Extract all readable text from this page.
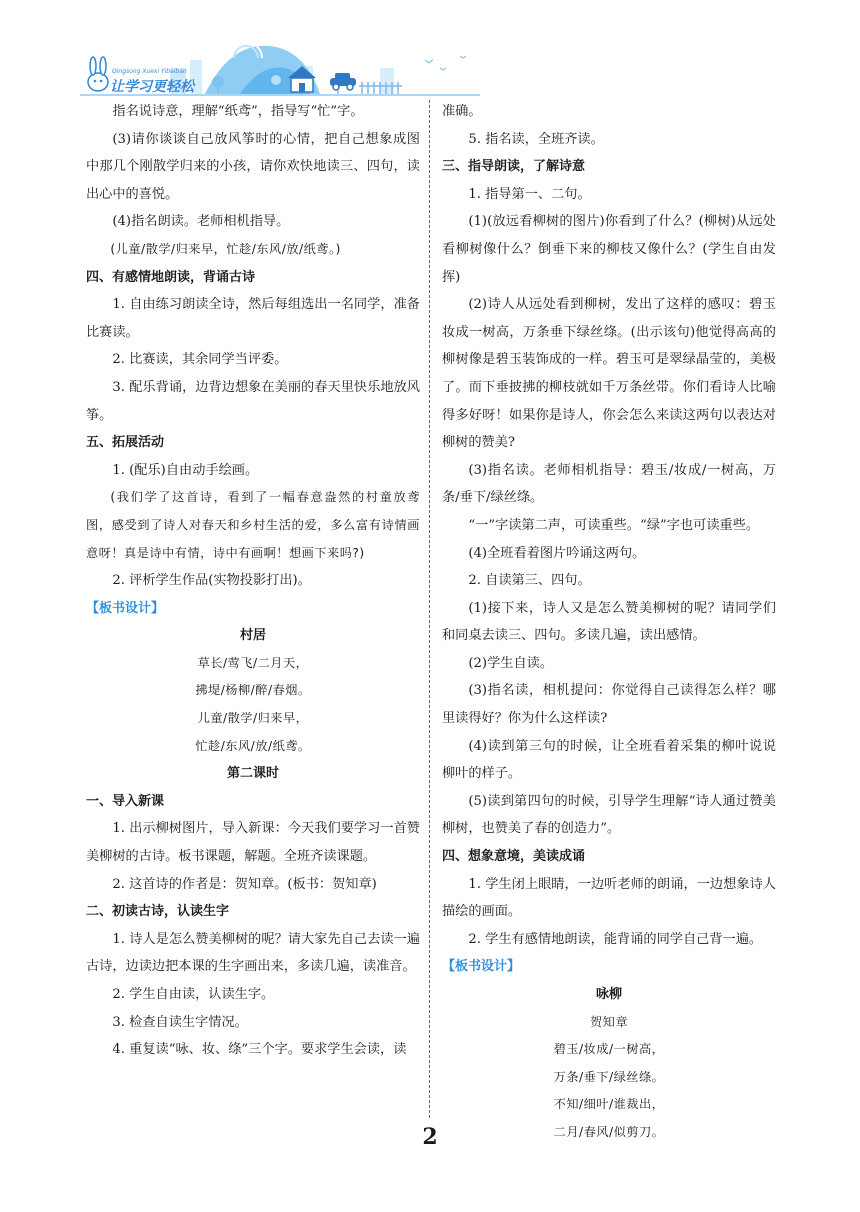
Qingsong Xuexi Yibaiban
让学习更轻松

指名说诗意，理解“纸鸢”，指导写“忙”字。

(3)请你谈谈自己放风筝时的心情，把自己想象成图中那几个刚散学归来的小孩，请你欢快地读三、四句，读出心中的喜悦。

(4)指名朗读。老师相机指导。

(儿童/散学/归来早，忙趁/东风/放/纸鸢。)

四、有感情地朗读，背诵古诗

1. 自由练习朗读全诗，然后每组选出一名同学，准备比赛读。

2. 比赛读，其余同学当评委。

3. 配乐背诵，边背边想象在美丽的春天里快乐地放风筝。

五、拓展活动

1. (配乐)自由动手绘画。

(我们学了这首诗，看到了一幅春意盎然的村童放鸢图，感受到了诗人对春天和乡村生活的爱，多么富有诗情画意呀！真是诗中有情，诗中有画啊！想画下来吗?)

2. 评析学生作品(实物投影打出)。

【板书设计】

村居

草长/莺飞/二月天，

拂堤/杨柳/醉/春烟。

儿童/散学/归来早，

忙趁/东风/放/纸鸢。

第二课时

一、导入新课

1. 出示柳树图片，导入新课：今天我们要学习一首赞美柳树的古诗。板书课题，解题。全班齐读课题。

2. 这首诗的作者是：贺知章。(板书：贺知章)

二、初读古诗，认读生字

1. 诗人是怎么赞美柳树的呢？请大家先自己去读一遍古诗，边读边把本课的生字画出来，多读几遍，读准音。

2. 学生自由读，认读生字。

3. 检查自读生字情况。

4. 重复读“咏、妆、绦”三个字。要求学生会读，读

准确。

5. 指名读，全班齐读。

三、指导朗读，了解诗意

1. 指导第一、二句。

(1)(放远看柳树的图片)你看到了什么？(柳树)从远处看柳树像什么？倒垂下来的柳枝又像什么？(学生自由发挥)

(2)诗人从远处看到柳树，发出了这样的感叹：碧玉妆成一树高，万条垂下绿丝绦。(出示该句)他觉得高高的柳树像是碧玉装饰成的一样。碧玉可是翠绿晶莹的，美极了。而下垂披拂的柳枝就如千万条丝带。你们看诗人比喻得多好呀！如果你是诗人，你会怎么来读这两句以表达对柳树的赞美?

(3)指名读。老师相机指导：碧玉/妆成/一树高，万条/垂下/绿丝绦。

“一”字读第二声，可读重些。“绿”字也可读重些。

(4)全班看着图片吟诵这两句。

2. 自读第三、四句。

(1)接下来，诗人又是怎么赞美柳树的呢？请同学们和同桌去读三、四句。多读几遍，读出感情。

(2)学生自读。

(3)指名读，相机提问：你觉得自己读得怎么样？哪里读得好？你为什么这样读?

(4)读到第三句的时候，让全班看着采集的柳叶说说柳叶的样子。

(5)读到第四句的时候，引导学生理解“诗人通过赞美柳树，也赞美了春的创造力”。

四、想象意境，美读成诵

1. 学生闭上眼睛，一边听老师的朗诵，一边想象诗人描绘的画面。

2. 学生有感情地朗读，能背诵的同学自己背一遍。

【板书设计】

咏柳

贺知章

碧玉/妆成/一树高，

万条/垂下/绿丝绦。

不知/细叶/谁裁出，

二月/春风/似剪刀。

2
